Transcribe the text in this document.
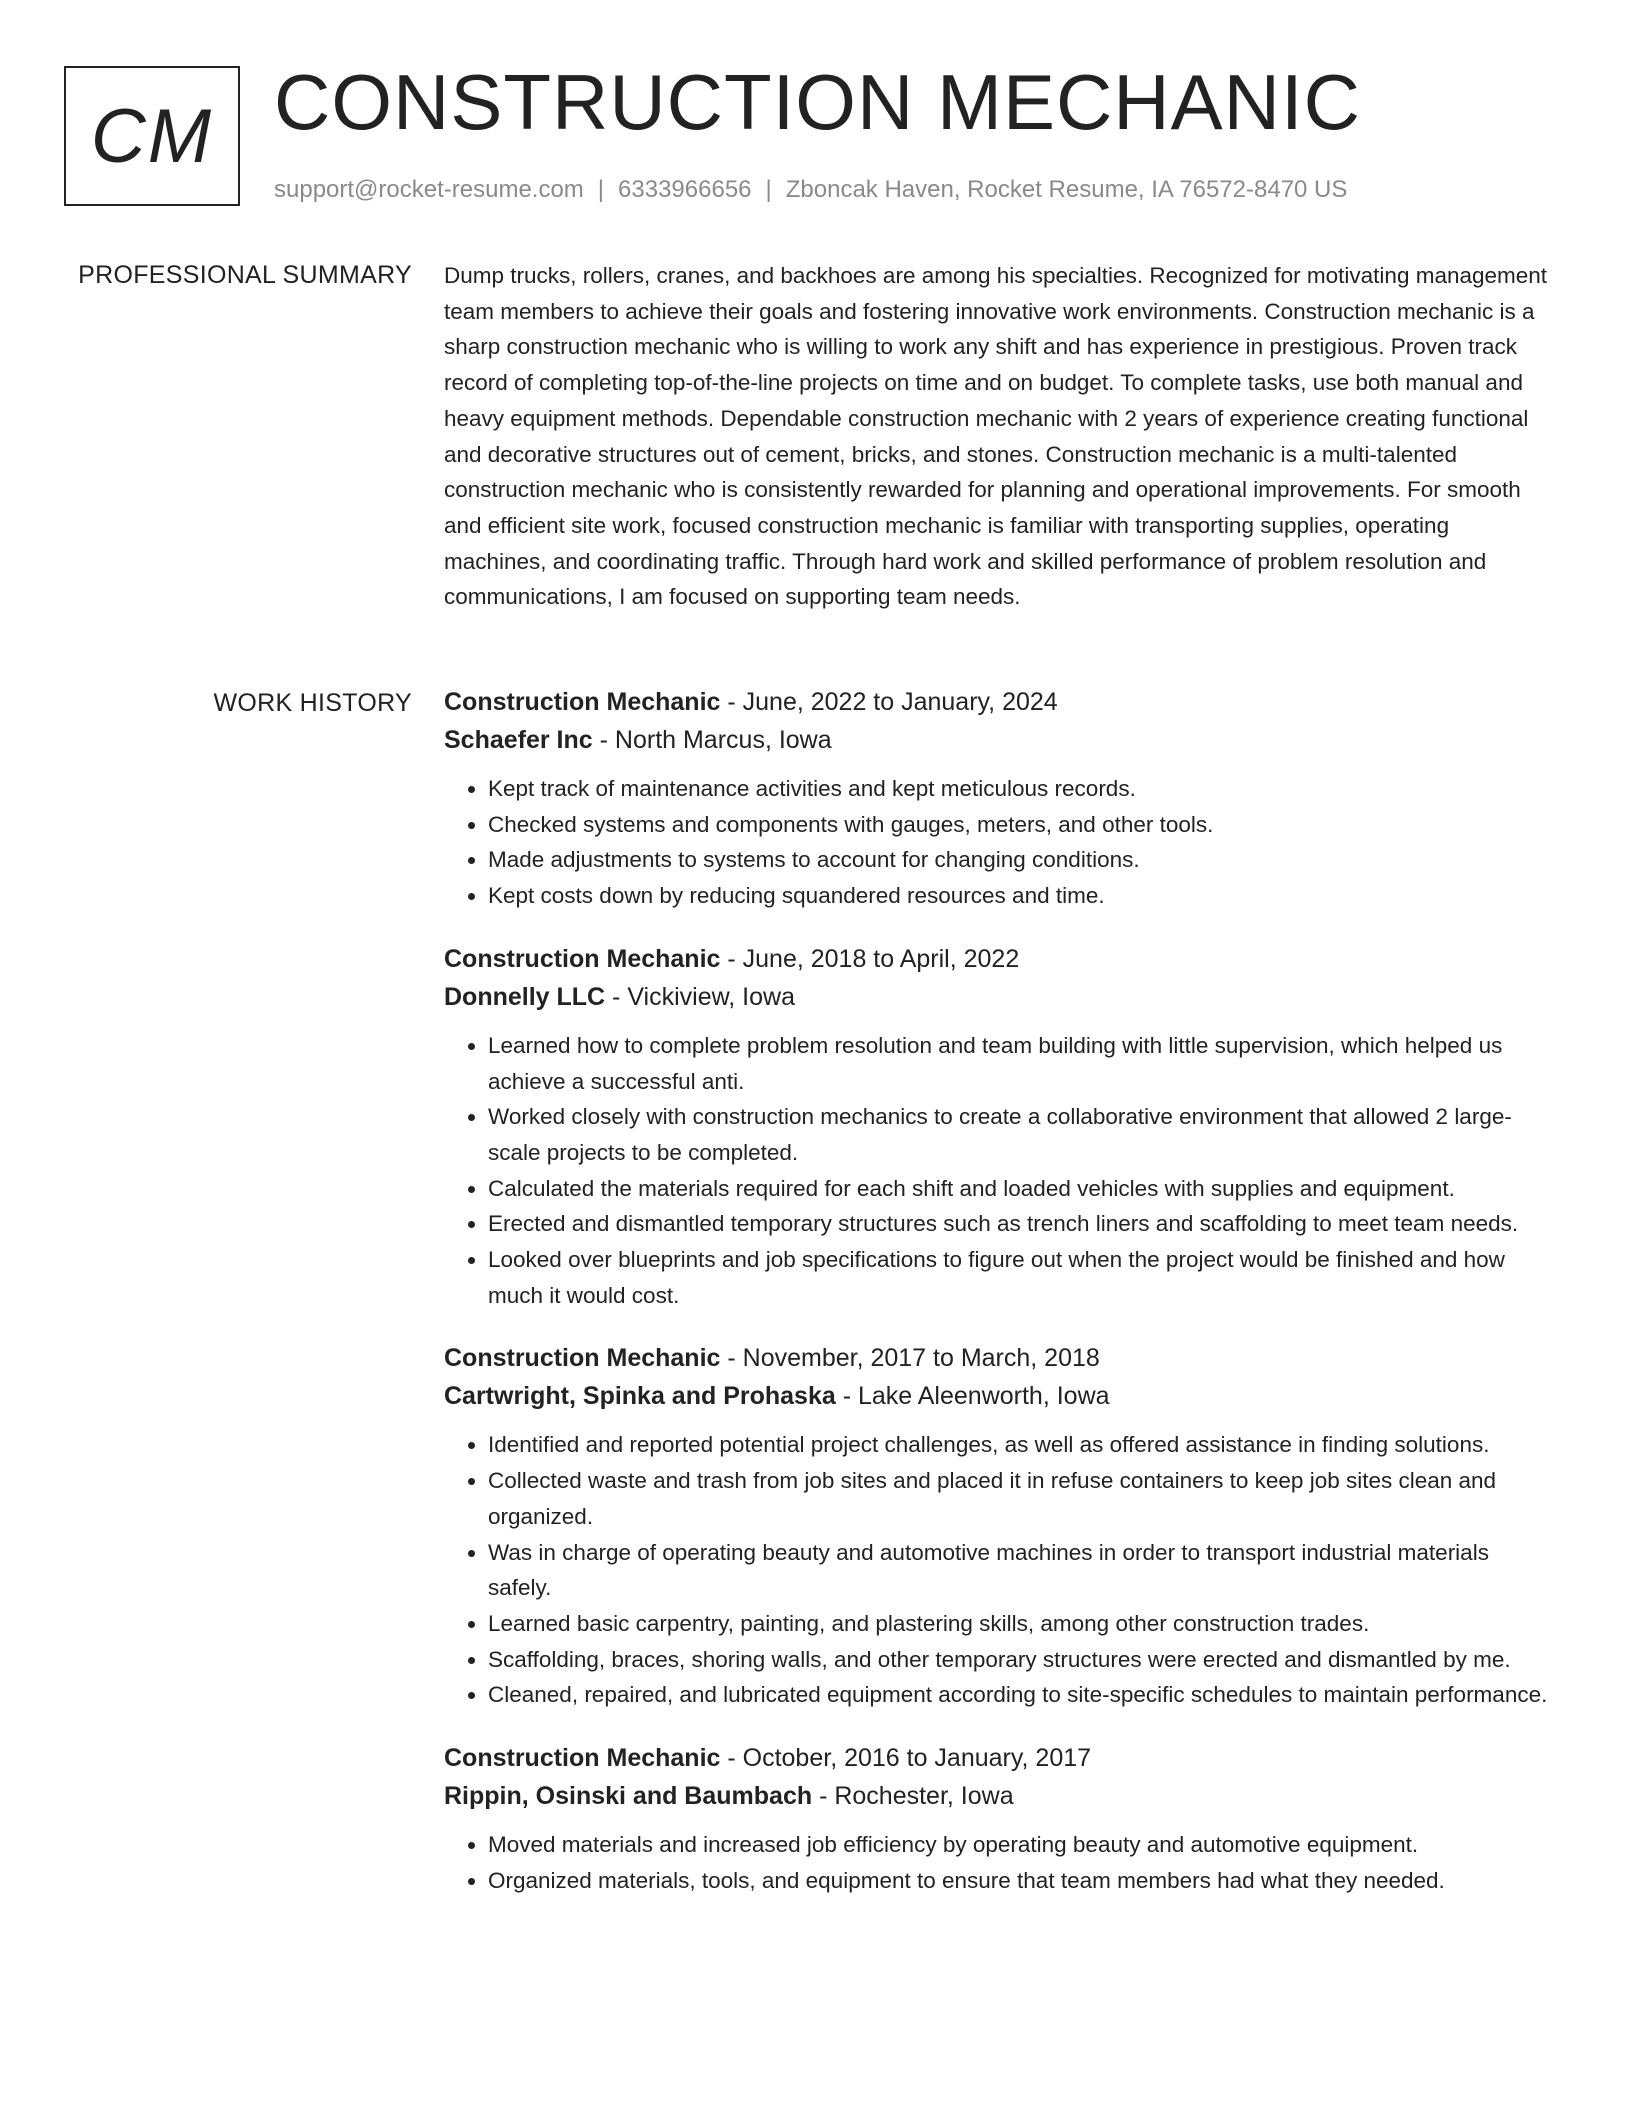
CM CONSTRUCTION MECHANIC
support@rocket-resume.com | 6333966656 | Zboncak Haven, Rocket Resume, IA 76572-8470 US
PROFESSIONAL SUMMARY Dump trucks, rollers, cranes, and backhoes are among his specialties. Recognized for motivating management team members to achieve their goals and fostering innovative work environments. Construction mechanic is a sharp construction mechanic who is willing to work any shift and has experience in prestigious. Proven track record of completing top-of-the-line projects on time and on budget. To complete tasks, use both manual and heavy equipment methods. Dependable construction mechanic with 2 years of experience creating functional and decorative structures out of cement, bricks, and stones. Construction mechanic is a multi-talented construction mechanic who is consistently rewarded for planning and operational improvements. For smooth and efficient site work, focused construction mechanic is familiar with transporting supplies, operating machines, and coordinating traffic. Through hard work and skilled performance of problem resolution and communications, I am focused on supporting team needs.

WORK HISTORY Construction Mechanic - June, 2022 to January, 2024
Schaefer Inc - North Marcus, Iowa
• Kept track of maintenance activities and kept meticulous records.
• Checked systems and components with gauges, meters, and other tools.
• Made adjustments to systems to account for changing conditions.
• Kept costs down by reducing squandered resources and time.
Construction Mechanic - June, 2018 to April, 2022
Donnelly LLC - Vickiview, Iowa
• Learned how to complete problem resolution and team building with little supervision, which helped us achieve a successful anti.
• Worked closely with construction mechanics to create a collaborative environment that allowed 2 large-scale projects to be completed.
• Calculated the materials required for each shift and loaded vehicles with supplies and equipment.
• Erected and dismantled temporary structures such as trench liners and scaffolding to meet team needs.
• Looked over blueprints and job specifications to figure out when the project would be finished and how much it would cost.
Construction Mechanic - November, 2017 to March, 2018
Cartwright, Spinka and Prohaska - Lake Aleenworth, Iowa
• Identified and reported potential project challenges, as well as offered assistance in finding solutions.
• Collected waste and trash from job sites and placed it in refuse containers to keep job sites clean and organized.
• Was in charge of operating beauty and automotive machines in order to transport industrial materials safely.
• Learned basic carpentry, painting, and plastering skills, among other construction trades.
• Scaffolding, braces, shoring walls, and other temporary structures were erected and dismantled by me.
• Cleaned, repaired, and lubricated equipment according to site-specific schedules to maintain performance.
Construction Mechanic - October, 2016 to January, 2017
Rippin, Osinski and Baumbach - Rochester, Iowa
• Moved materials and increased job efficiency by operating beauty and automotive equipment.
• Organized materials, tools, and equipment to ensure that team members had what they needed.
